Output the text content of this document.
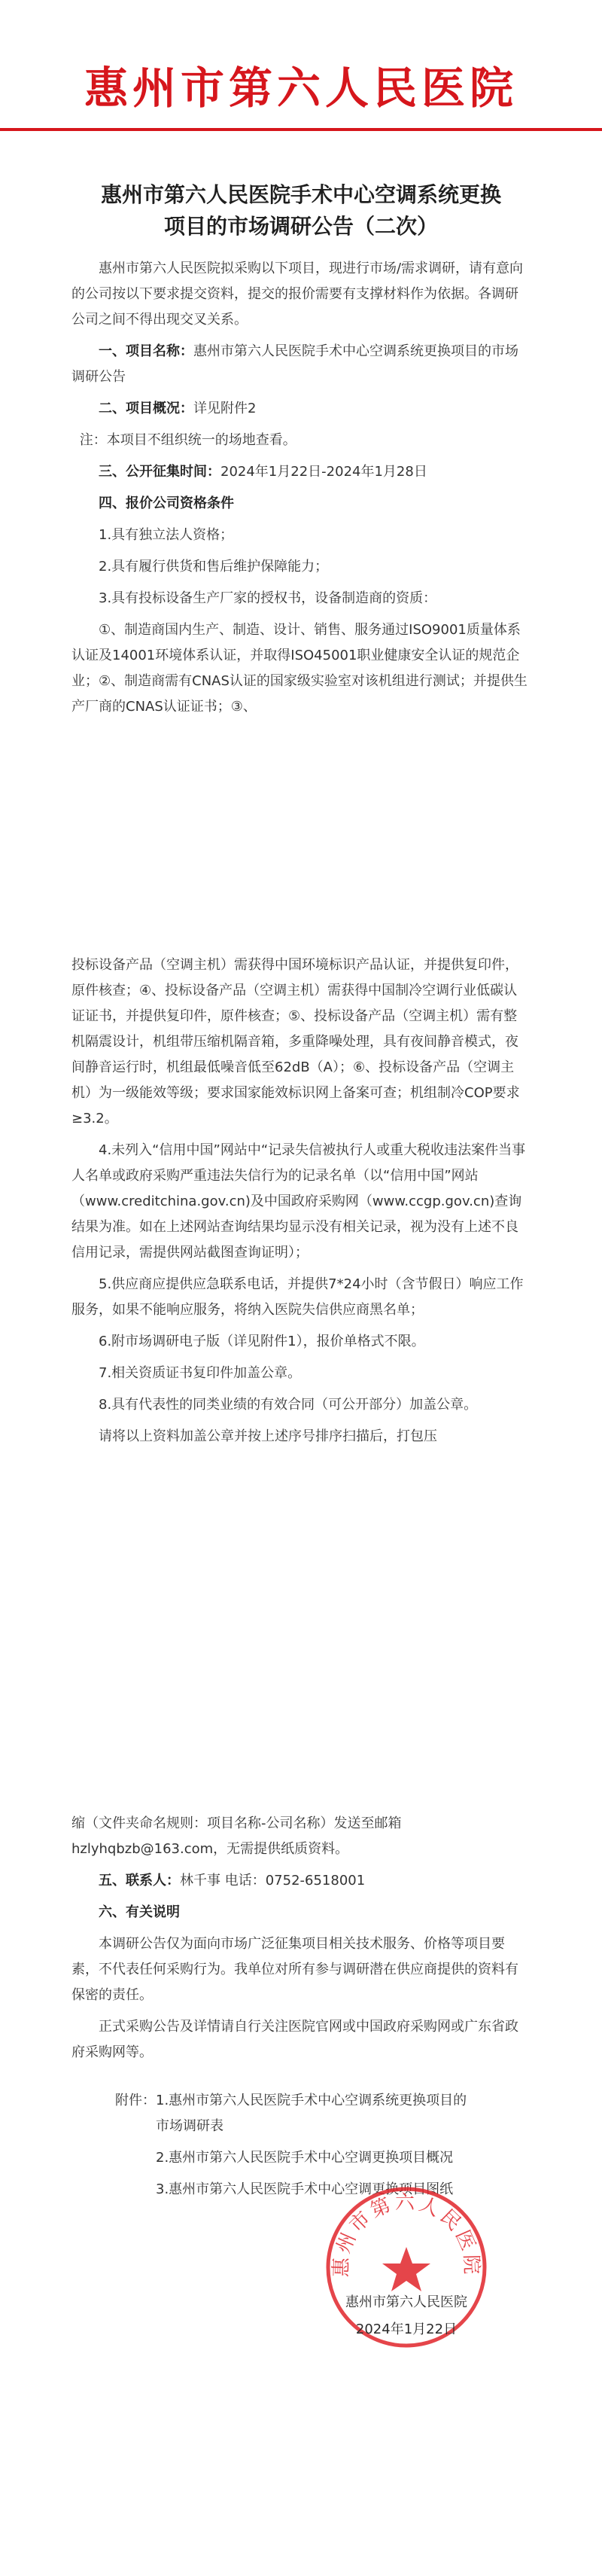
惠州市第六人民医院
惠州市第六人民医院手术中心空调系统更换
项目的市场调研公告（二次）

惠州市第六人民医院拟采购以下项目，现进行市场/需求调研，请有意向的公司按以下要求提交资料，提交的报价需要有支撑材料作为依据。各调研公司之间不得出现交叉关系。

一、项目名称：惠州市第六人民医院手术中心空调系统更换项目的市场调研公告

二、项目概况：详见附件2

注：本项目不组织统一的场地查看。

三、公开征集时间：2024年1月22日-2024年1月28日

四、报价公司资格条件

1.具有独立法人资格；

2.具有履行供货和售后维护保障能力；

3.具有投标设备生产厂家的授权书，设备制造商的资质：

①、制造商国内生产、制造、设计、销售、服务通过ISO9001质量体系认证及14001环境体系认证，并取得ISO45001职业健康安全认证的规范企业；②、制造商需有CNAS认证的国家级实验室对该机组进行测试；并提供生产厂商的CNAS认证证书；③、

投标设备产品（空调主机）需获得中国环境标识产品认证，并提供复印件，原件核查；④、投标设备产品（空调主机）需获得中国制冷空调行业低碳认证证书，并提供复印件，原件核查；⑤、投标设备产品（空调主机）需有整机隔震设计，机组带压缩机隔音箱，多重降噪处理，具有夜间静音模式，夜间静音运行时，机组最低噪音低至62dB（A）；⑥、投标设备产品（空调主机）为一级能效等级；要求国家能效标识网上备案可查；机组制冷COP要求≥3.2。

4.未列入“信用中国”网站中“记录失信被执行人或重大税收违法案件当事人名单或政府采购严重违法失信行为的记录名单（以“信用中国”网站（www.creditchina.gov.cn)及中国政府采购网（www.ccgp.gov.cn)查询结果为准。如在上述网站查询结果均显示没有相关记录，视为没有上述不良信用记录，需提供网站截图查询证明）；

5.供应商应提供应急联系电话，并提供7*24小时（含节假日）响应工作服务，如果不能响应服务，将纳入医院失信供应商黑名单；

6.附市场调研电子版（详见附件1），报价单格式不限。

7.相关资质证书复印件加盖公章。

8.具有代表性的同类业绩的有效合同（可公开部分）加盖公章。

请将以上资料加盖公章并按上述序号排序扫描后，打包压

缩（文件夹命名规则：项目名称-公司名称）发送至邮箱hzlyhqbzb@163.com，无需提供纸质资料。

五、联系人：林千事 电话：0752-6518001

六、有关说明

本调研公告仅为面向市场广泛征集项目相关技术服务、价格等项目要素，不代表任何采购行为。我单位对所有参与调研潜在供应商提供的资料有保密的责任。

正式采购公告及详情请自行关注医院官网或中国政府采购网或广东省政府采购网等。

附件：1.惠州市第六人民医院手术中心空调系统更换项目的

市场调研表

2.惠州市第六人民医院手术中心空调更换项目概况

3.惠州市第六人民医院手术中心空调更换项目图纸

惠州市第六人民医院
惠州市第六人民医院
2024年1月22日
